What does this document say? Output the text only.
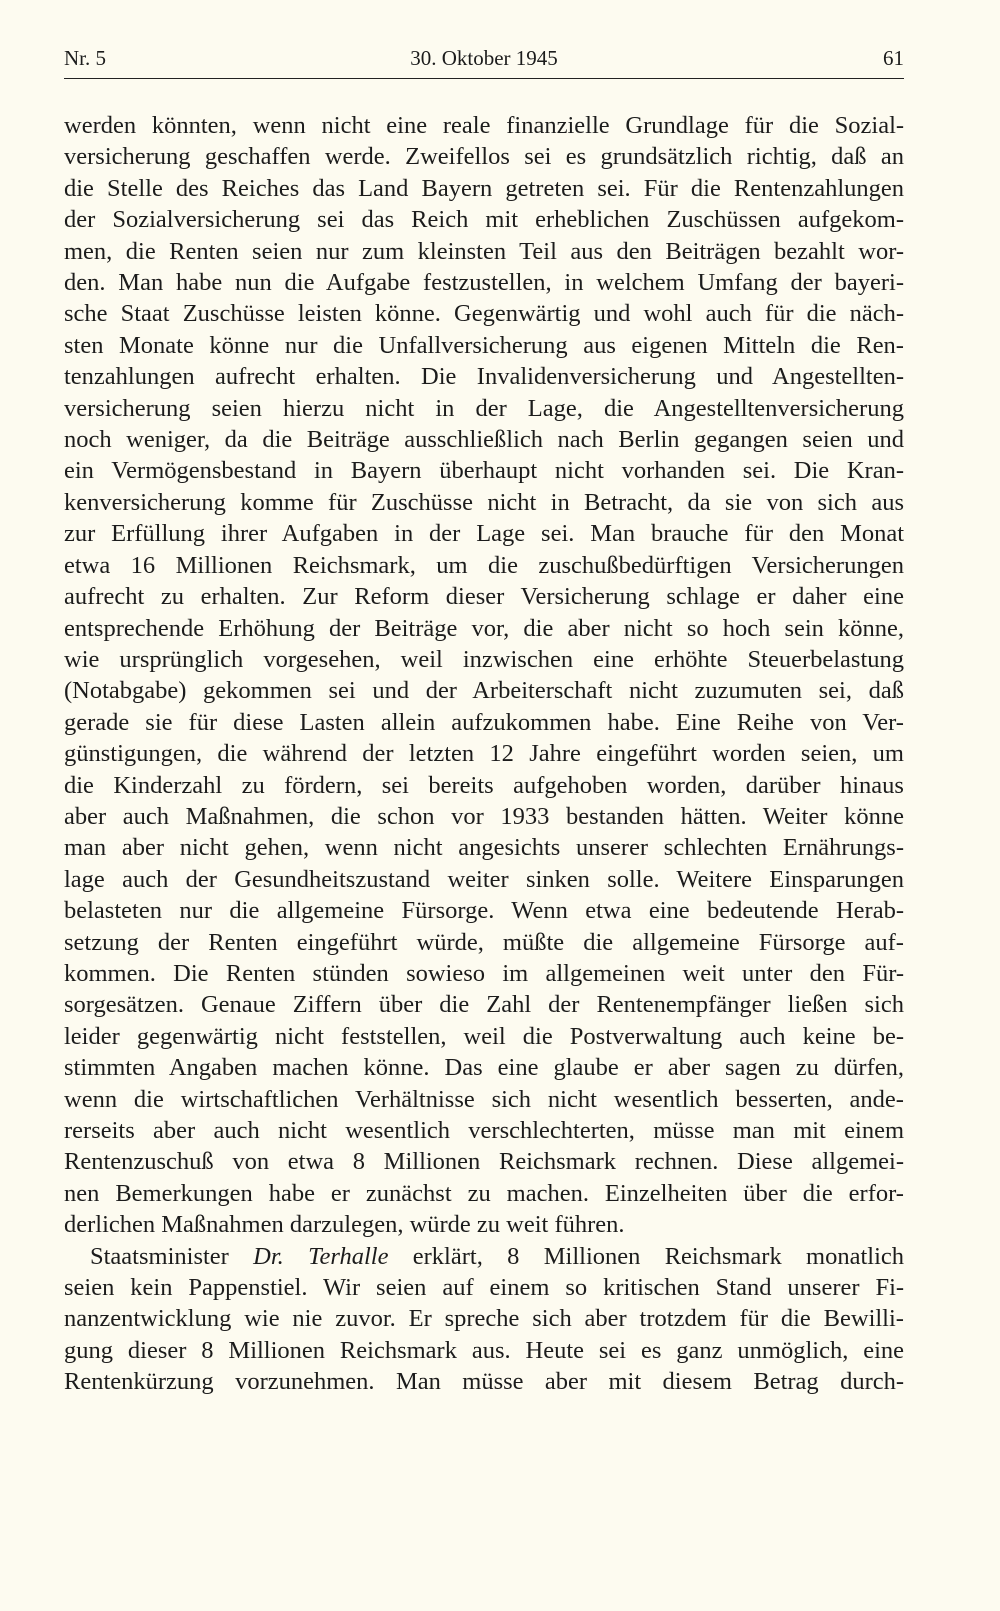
Nr. 5	30. Oktober 1945	61
werden könnten, wenn nicht eine reale finanzielle Grundlage für die Sozial-
versicherung geschaffen werde. Zweifellos sei es grundsätzlich richtig, daß an
die Stelle des Reiches das Land Bayern getreten sei. Für die Rentenzahlungen
der Sozialversicherung sei das Reich mit erheblichen Zuschüssen aufgekom-
men, die Renten seien nur zum kleinsten Teil aus den Beiträgen bezahlt wor-
den. Man habe nun die Aufgabe festzustellen, in welchem Umfang der bayeri-
sche Staat Zuschüsse leisten könne. Gegenwärtig und wohl auch für die näch-
sten Monate könne nur die Unfallversicherung aus eigenen Mitteln die Ren-
tenzahlungen aufrecht erhalten. Die Invalidenversicherung und Angestellten-
versicherung seien hierzu nicht in der Lage, die Angestelltenversicherung
noch weniger, da die Beiträge ausschließlich nach Berlin gegangen seien und
ein Vermögensbestand in Bayern überhaupt nicht vorhanden sei. Die Kran-
kenversicherung komme für Zuschüsse nicht in Betracht, da sie von sich aus
zur Erfüllung ihrer Aufgaben in der Lage sei. Man brauche für den Monat
etwa 16 Millionen Reichsmark, um die zuschußbedürftigen Versicherungen
aufrecht zu erhalten. Zur Reform dieser Versicherung schlage er daher eine
entsprechende Erhöhung der Beiträge vor, die aber nicht so hoch sein könne,
wie ursprünglich vorgesehen, weil inzwischen eine erhöhte Steuerbelastung
(Notabgabe) gekommen sei und der Arbeiterschaft nicht zuzumuten sei, daß
gerade sie für diese Lasten allein aufzukommen habe. Eine Reihe von Ver-
günstigungen, die während der letzten 12 Jahre eingeführt worden seien, um
die Kinderzahl zu fördern, sei bereits aufgehoben worden, darüber hinaus
aber auch Maßnahmen, die schon vor 1933 bestanden hätten. Weiter könne
man aber nicht gehen, wenn nicht angesichts unserer schlechten Ernährungs-
lage auch der Gesundheitszustand weiter sinken solle. Weitere Einsparungen
belasteten nur die allgemeine Fürsorge. Wenn etwa eine bedeutende Herab-
setzung der Renten eingeführt würde, müßte die allgemeine Fürsorge auf-
kommen. Die Renten stünden sowieso im allgemeinen weit unter den Für-
sorgesätzen. Genaue Ziffern über die Zahl der Rentenempfänger ließen sich
leider gegenwärtig nicht feststellen, weil die Postverwaltung auch keine be-
stimmten Angaben machen könne. Das eine glaube er aber sagen zu dürfen,
wenn die wirtschaftlichen Verhältnisse sich nicht wesentlich besserten, ande-
rerseits aber auch nicht wesentlich verschlechterten, müsse man mit einem
Rentenzuschuß von etwa 8 Millionen Reichsmark rechnen. Diese allgemei-
nen Bemerkungen habe er zunächst zu machen. Einzelheiten über die erfor-
derlichen Maßnahmen darzulegen, würde zu weit führen.
Staatsminister Dr. Terhalle erklärt, 8 Millionen Reichsmark monatlich
seien kein Pappenstiel. Wir seien auf einem so kritischen Stand unserer Fi-
nanzentwicklung wie nie zuvor. Er spreche sich aber trotzdem für die Bewilli-
gung dieser 8 Millionen Reichsmark aus. Heute sei es ganz unmöglich, eine
Rentenkürzung vorzunehmen. Man müsse aber mit diesem Betrag durch-
